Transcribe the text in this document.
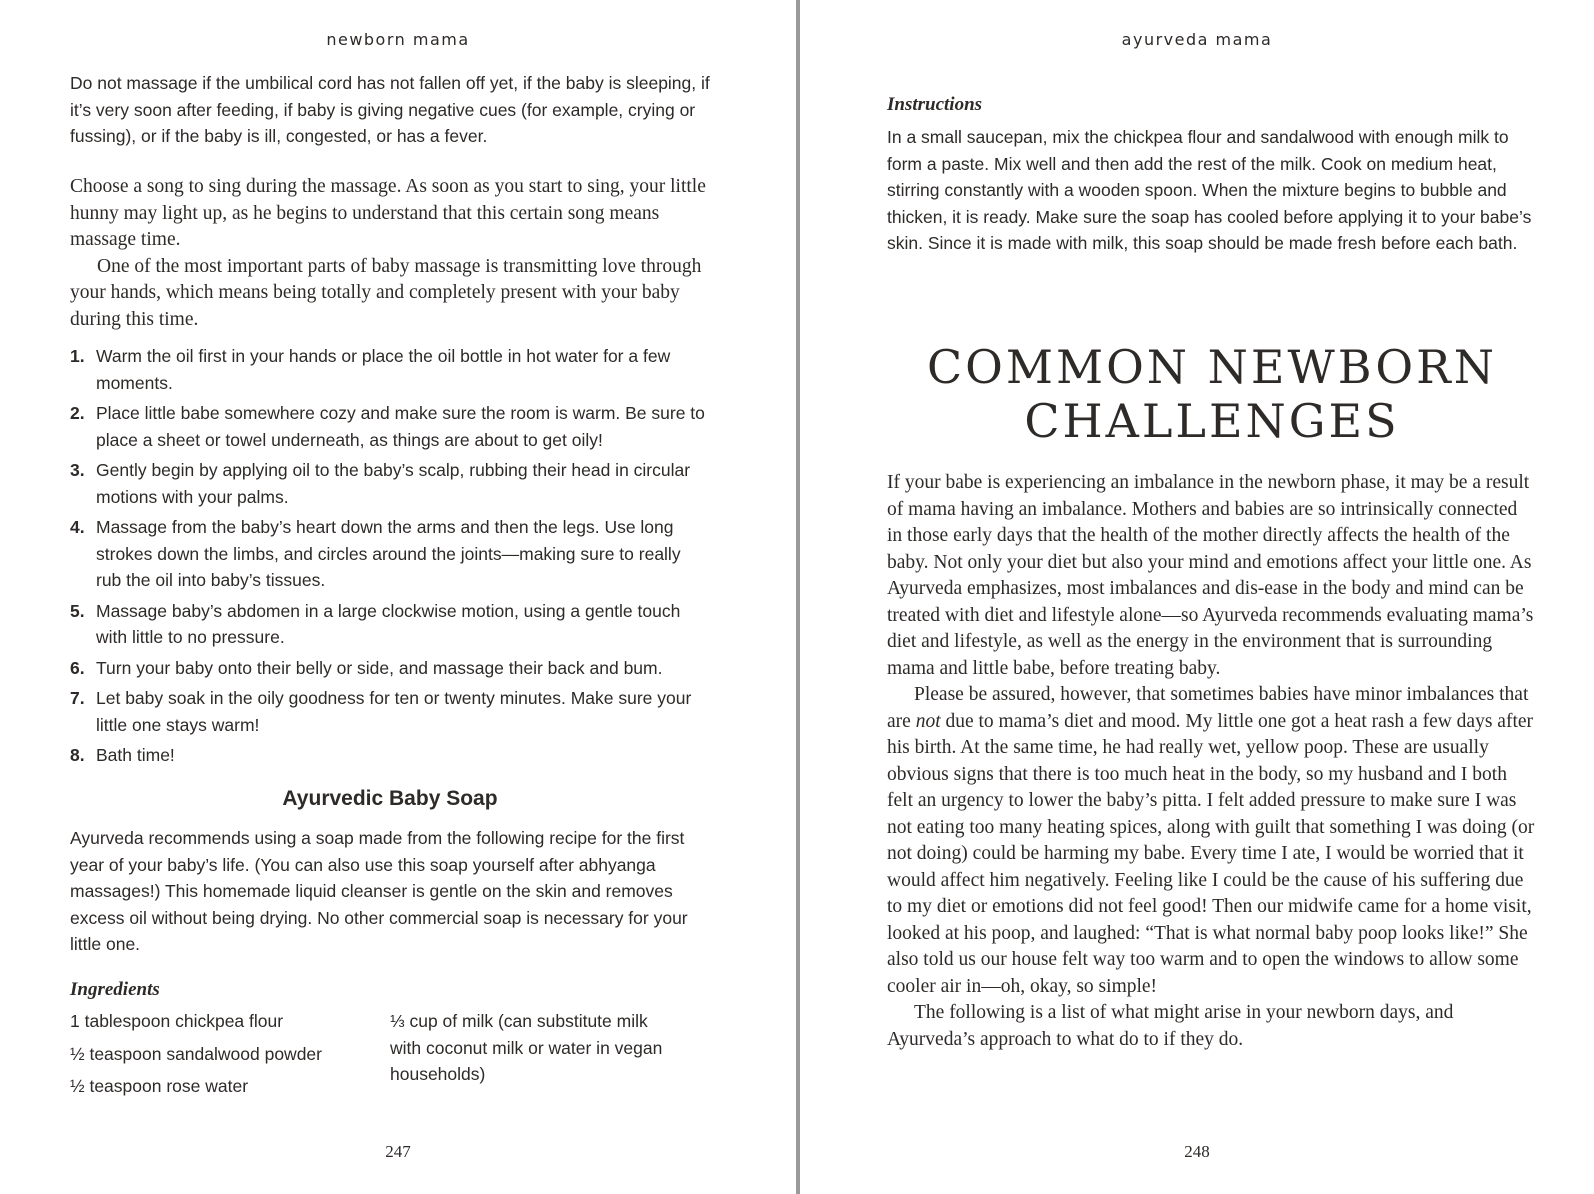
newborn mama

Do not massage if the umbilical cord has not fallen off yet, if the baby is sleeping, if it’s very soon after feeding, if baby is giving negative cues (for example, crying or fussing), or if the baby is ill, congested, or has a fever.

Choose a song to sing during the massage. As soon as you start to sing, your little hunny may light up, as he begins to understand that this certain song means massage time.

One of the most important parts of baby massage is transmitting love through your hands, which means being totally and completely present with your baby during this time.

1. Warm the oil first in your hands or place the oil bottle in hot water for a few moments.
2. Place little babe somewhere cozy and make sure the room is warm. Be sure to place a sheet or towel underneath, as things are about to get oily!
3. Gently begin by applying oil to the baby’s scalp, rubbing their head in circular motions with your palms.
4. Massage from the baby’s heart down the arms and then the legs. Use long strokes down the limbs, and circles around the joints—making sure to really rub the oil into baby’s tissues.
5. Massage baby’s abdomen in a large clockwise motion, using a gentle touch with little to no pressure.
6. Turn your baby onto their belly or side, and massage their back and bum.
7. Let baby soak in the oily goodness for ten or twenty minutes. Make sure your little one stays warm!
8. Bath time!
Ayurvedic Baby Soap

Ayurveda recommends using a soap made from the following recipe for the first year of your baby’s life. (You can also use this soap yourself after abhyanga massages!) This homemade liquid cleanser is gentle on the skin and removes excess oil without being drying. No other commercial soap is necessary for your little one.

Ingredients

1 tablespoon chickpea flour

½ teaspoon sandalwood powder

½ teaspoon rose water

⅓ cup of milk (can substitute milk with coconut milk or water in vegan households)

247
ayurveda mama
Instructions

In a small saucepan, mix the chickpea flour and sandalwood with enough milk to form a paste. Mix well and then add the rest of the milk. Cook on medium heat, stirring constantly with a wooden spoon. When the mixture begins to bubble and thicken, it is ready. Make sure the soap has cooled before applying it to your babe’s skin. Since it is made with milk, this soap should be made fresh before each bath.

COMMON NEWBORN
CHALLENGES

If your babe is experiencing an imbalance in the newborn phase, it may be a result of mama having an imbalance. Mothers and babies are so intrinsically connected in those early days that the health of the mother directly affects the health of the baby. Not only your diet but also your mind and emotions affect your little one. As Ayurveda emphasizes, most imbalances and dis-ease in the body and mind can be treated with diet and lifestyle alone—so Ayurveda recommends evaluating mama’s diet and lifestyle, as well as the energy in the environment that is surrounding mama and little babe, before treating baby.

Please be assured, however, that sometimes babies have minor imbalances that are not due to mama’s diet and mood. My little one got a heat rash a few days after his birth. At the same time, he had really wet, yellow poop. These are usually obvious signs that there is too much heat in the body, so my husband and I both felt an urgency to lower the baby’s pitta. I felt added pressure to make sure I was not eating too many heating spices, along with guilt that something I was doing (or not doing) could be harming my babe. Every time I ate, I would be worried that it would affect him negatively. Feeling like I could be the cause of his suffering due to my diet or emotions did not feel good! Then our midwife came for a home visit, looked at his poop, and laughed: “That is what normal baby poop looks like!” She also told us our house felt way too warm and to open the windows to allow some cooler air in—oh, okay, so simple!

The following is a list of what might arise in your newborn days, and Ayurveda’s approach to what do to if they do.

248
